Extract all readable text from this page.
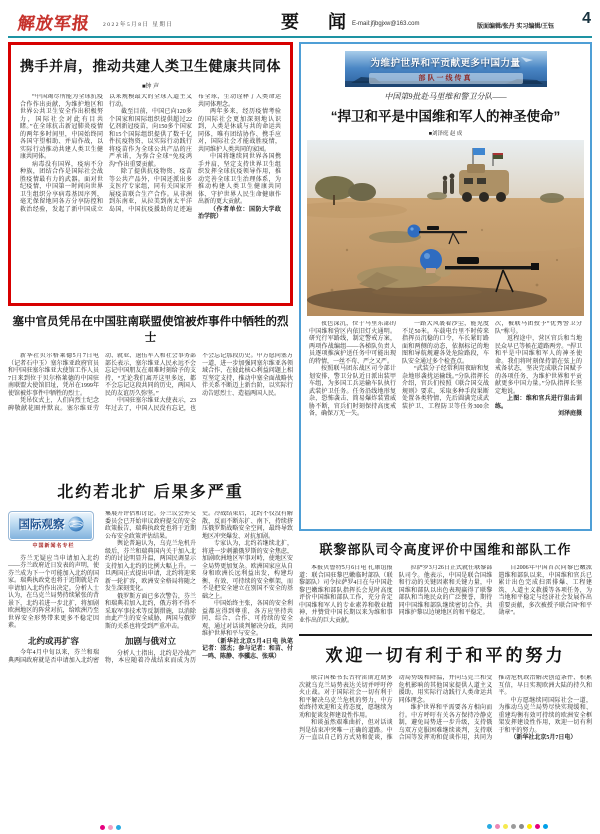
解放军报 2022年5月8日 星期日	要 闻
E-mail:jfjbgjxw@163.com	版面编辑/张丹 实习编辑/王钰 4
携手并肩，推动共建人类卫生健康共同体
■钟 声

“中国竭尽所能为全球抗疫合作作出贡献，为维护地区和世界公共卫生安全作出积极努力，国际社会对此有目共睹。”在全球抗击新冠肺炎疫情的两年多时间里，中国始终同各国守望相助、并肩作战，以实际行动推动共建人类卫生健康共同体。

病毒没有国界，疫病不分种族，团结合作是国际社会战胜疫情最有力的武器。面对世纪疫情，中国第一时间向世界卫生组织分享病毒基因序列，毫无保留地同各方分享防控和救治经验，发起了新中国成立以来规模最大的全球人道主义行动。

截至目前，中国已向120多个国家和国际组织提供超过22亿剂新冠疫苗，向150多个国家和15个国际组织提供了数千亿件抗疫物资，以实际行动践行将疫苗作为全球公共产品的庄严承诺，为弥合全球“免疫鸿沟”作出重要贡献。

除了提供抗疫物资、疫苗等公共产品外，中国还派出多支医疗专家组，同有关国家开展疫苗联合生产合作。从非洲到东南亚，从拉美到南太平洋岛国，中国抗疫援助的足迹遍布全球，生动诠释了人类命运共同体理念。

两年多来，经历疫情考验的国际社会更加深刻地认识到，人类是休戚与共的命运共同体，唯有团结协作、携手应对，国际社会才能战胜疫情，共同维护人类共同的家园。

中国将继续同世界各国携手并肩，坚定支持世界卫生组织发挥全球抗疫领导作用，推动完善全球卫生治理体系，为推动构建人类卫生健康共同体、守护世界人民生命健康作出新的更大贡献。

（作者单位：国防大学政治学院）

塞中官员凭吊在中国驻南联盟使馆被炸事件中牺牲的烈士

新华社贝尔格莱德5月7日电（记者石中玉）塞尔维亚政府官员和中国驻塞尔维亚大使馆工作人员7日来到位于贝尔格莱德的中国驻南联盟大使馆旧址，凭吊在1999年使馆被炸事件中牺牲的烈士。

凭吊仪式上，人们向烈士纪念碑敬献花圈并默哀。塞尔维亚劳动、就业、退伍军人和社会事务部部长表示，塞尔维亚人民永远不会忘记中国朋友在艰难时刻给予的支持，“无论我们离开这里多远，都不会忘记这段共同的历史，两国人民的友谊历久弥坚。”

中国驻塞尔维亚大使表示，23年过去了，中国人民没有忘记，也不会忘记那段历史。中方愿同塞方一道，进一步加强同塞尔维亚各领域合作，在彼此核心利益问题上相互坚定支持，推动中塞全面战略伙伴关系不断迈上新台阶，以实际行动告慰烈士、造福两国人民。

北约若北扩 后果多严重
国际观察
中国新闻名专栏

芬兰无疑应当申请加入北约——芬兰政府近日发表的声明，使芬兰成为下一个可能加入北约的国家。瑞典执政党也将于近期就是否申请加入北约作出决定。分析人士认为，在乌克兰局势持续紧张的背景下，北约若进一步北扩，将加剧欧洲地区的阵营对抗，给欧洲乃至世界安全形势带来更多不稳定因素。

北约或再扩容

今年4月中旬以来，芬兰和瑞典两国政府就是否申请加入北约密集展开评估和讨论。芬兰议会外交委员会已开始审议政府提交的安全政策报告，瑞典执政党也将于近期公布安全政策评估结果。

舆论普遍认为，乌克兰危机升级后，芬兰和瑞典国内关于加入北约的讨论明显升温，两国民调显示支持加入北约的比例大幅上升。一旦两国正式提出申请，北约将迎来新一轮扩容，欧洲安全格局将随之发生深刻变化。

俄罗斯方面已多次警告，芬兰和瑞典若加入北约，俄方将不得不采取军事技术等反制措施，以消除由此产生的安全威胁，两国与俄罗斯的关系也将受到严重冲击。

加剧与俄对立

分析人士指出，北约是冷战产物，本应随着冷战结束而成为历史。冷战结束后，北约不仅没有解散，反而不断东扩、南下，持续挤压俄罗斯战略安全空间，最终导致地区冲突爆发、对抗加剧。

专家认为，北约若继续北扩，将进一步刺激俄罗斯的安全焦虑，加剧欧洲地区军事对峙，使地区安全局势更加复杂。欧洲国家应从自身和欧洲长远利益出发，构建均衡、有效、可持续的安全框架，而不是把安全建立在别国不安全的基础之上。

中国始终主张，各国的安全利益都应得到尊重，各方应坚持共同、综合、合作、可持续的安全观，通过对话谈判解决分歧，共同维护世界和平与安全。

（新华社北京5月4日电 执笔记者：邵杰；参与记者：和苗、付一鸣、陈静、李骥志、张琪）

为维护世界和平贡献更多中国力量
部队一线传真
中国第9批赴马里维和警卫分队——
“捍卫和平是中国维和军人的神圣使命”
■刘泽庭 赵 成

夜色深沉，位于马里东部的中国维和营区内依旧灯火通明。研究行军路线，制定警戒方案，两项作战编组——各梯队负责人员逐项推演护送任务中可能出现的特情，一丝不苟、严之又严。

按照联马团东战区司令部计划安排，警卫分队近日派出装甲车组，为多国工兵运输车队执行武装护卫任务。任务沿线地形复杂，恐怖袭击、简易爆炸装置威胁不断，官兵们时刻保持高度戒备，确保万无一失。

一路大风裹着沙尘，能见度不足50米。车载电台里不时传来指挥员沉稳的口令，车长紧盯路面和两侧的动态，依据标记的地图和导航规避各处危险路段，车队安全通过多个检查点。

“武装分子经常利用夜暗和复杂地形袭扰运输线。”分队指挥长介绍，官兵们按照《联合国交战规则》要求，采取多种手段果断处置各类特情，先后圆满完成武装护卫、工程防卫等任务300余次，被联马团授予“优秀警卫分队”称号。

返程途中，营区官兵和当地民众早已等候在道路两旁。“捍卫和平是中国维和军人的神圣使命。我们将时刻保持箭在弦上的戒备状态，坚决完成联合国赋予的各项任务，为维护世界和平贡献更多中国力量。”分队指挥长坚定地说。

上图：维和官兵进行狙击训练。

刘泽庭摄

联黎部队司令高度评价中国维和部队工作

本报贝鲁特5月6日电 孔康谊报道：联合国驻黎巴嫩临时部队（联黎部队）司令拉萨罗4日在与中国赴黎巴嫩维和部队指挥长会见时高度评价中国维和部队工作，充分肯定中国维和军人的专业素养和敬业精神，并赞赏中国长期以来为维和事业作出的巨大贡献。

拉萨罗3月26日正式就任联黎部队司令。他表示，中国是联合国维和行动的关键因素和关键力量，中国维和部队以出色表现赢得了联黎部队和当地民众的广泛赞誉，期待同中国维和部队继续密切合作，共同维护黎以边境地区的和平稳定。

自2006年中国首次向黎巴嫩派遣维和部队以来，中国维和官兵已累计出色完成扫雷排爆、工程建筑、人道主义救援等各项任务，为当地和平稳定与经济社会发展作出重要贡献，多次被授予联合国“和平勋章”。

欢迎一切有利于和平的努力

联合国秘书长古特雷斯近期多次就乌克兰局势表达关切并呼吁停火止战。对于国际社会一切有利于和平解决乌克兰危机的努力，中方始终持欢迎和支持态度，愿继续为劝和促谈发挥建设性作用。

和谈虽然艰难曲折，但对话谈判是结束冲突唯一正确的道路。中方一直以自己的方式劝和促谈，推动局势缓和降温，并向乌克兰和受危机影响的其他国家提供人道主义援助，用实际行动践行人类命运共同体理念。

维护世界和平需要各方相向而行。中方呼吁有关各方保持冷静克制，避免局势进一步升级，支持俄乌双方克服困难继续谈判，支持联合国等发挥劝和促谈作用，共同为推动危机政治解决创造条件、积累互信，早日实现欧洲大陆的持久和平。

中方愿继续同国际社会一道，为推动乌克兰局势尽快实现缓和、重建均衡有效可持续的欧洲安全框架发挥建设性作用，欢迎一切有利于和平的努力。

（新华社北京5月7日电）
